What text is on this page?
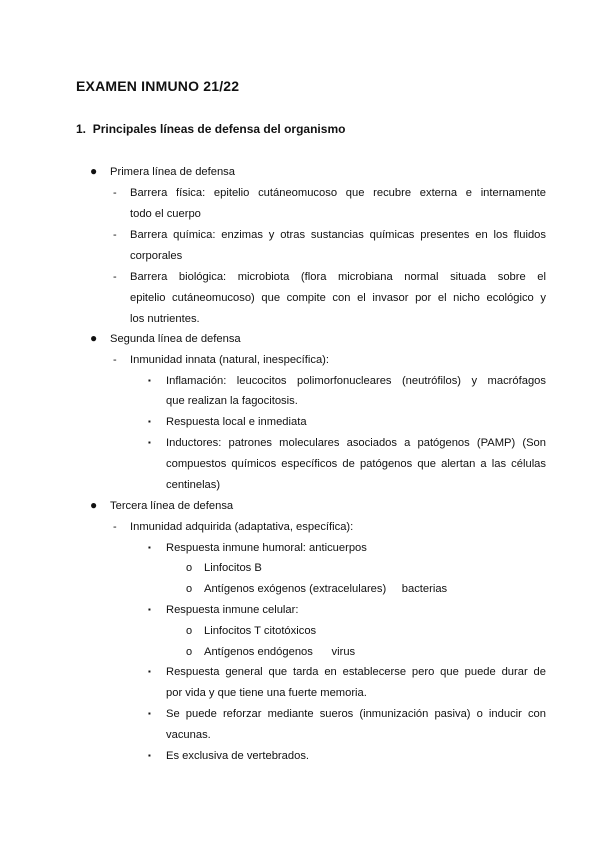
EXAMEN INMUNO 21/22
1. Principales líneas de defensa del organismo
● Primera línea de defensa
- Barrera física: epitelio cutáneomucoso que recubre externa e internamente
todo el cuerpo
- Barrera química: enzimas y otras sustancias químicas presentes en los fluidos
corporales
- Barrera biológica: microbiota (flora microbiana normal situada sobre el
epitelio cutáneomucoso) que compite con el invasor por el nicho ecológico y
los nutrientes.
● Segunda línea de defensa
- Inmunidad innata (natural, inespecífica):
▪ Inflamación: leucocitos polimorfonucleares (neutrófilos) y macrófagos
que realizan la fagocitosis.
▪ Respuesta local e inmediata
▪ Inductores: patrones moleculares asociados a patógenos (PAMP) (Son
compuestos químicos específicos de patógenos que alertan a las células
centinelas)
● Tercera línea de defensa
- Inmunidad adquirida (adaptativa, específica):
▪ Respuesta inmune humoral: anticuerpos
o Linfocitos B
o Antígenos exógenos (extracelulares)     bacterias
▪ Respuesta inmune celular:
o Linfocitos T citotóxicos
o Antígenos endógenos      virus
▪ Respuesta general que tarda en establecerse pero que puede durar de
por vida y que tiene una fuerte memoria.
▪ Se puede reforzar mediante sueros (inmunización pasiva) o inducir con
vacunas.
▪ Es exclusiva de vertebrados.
